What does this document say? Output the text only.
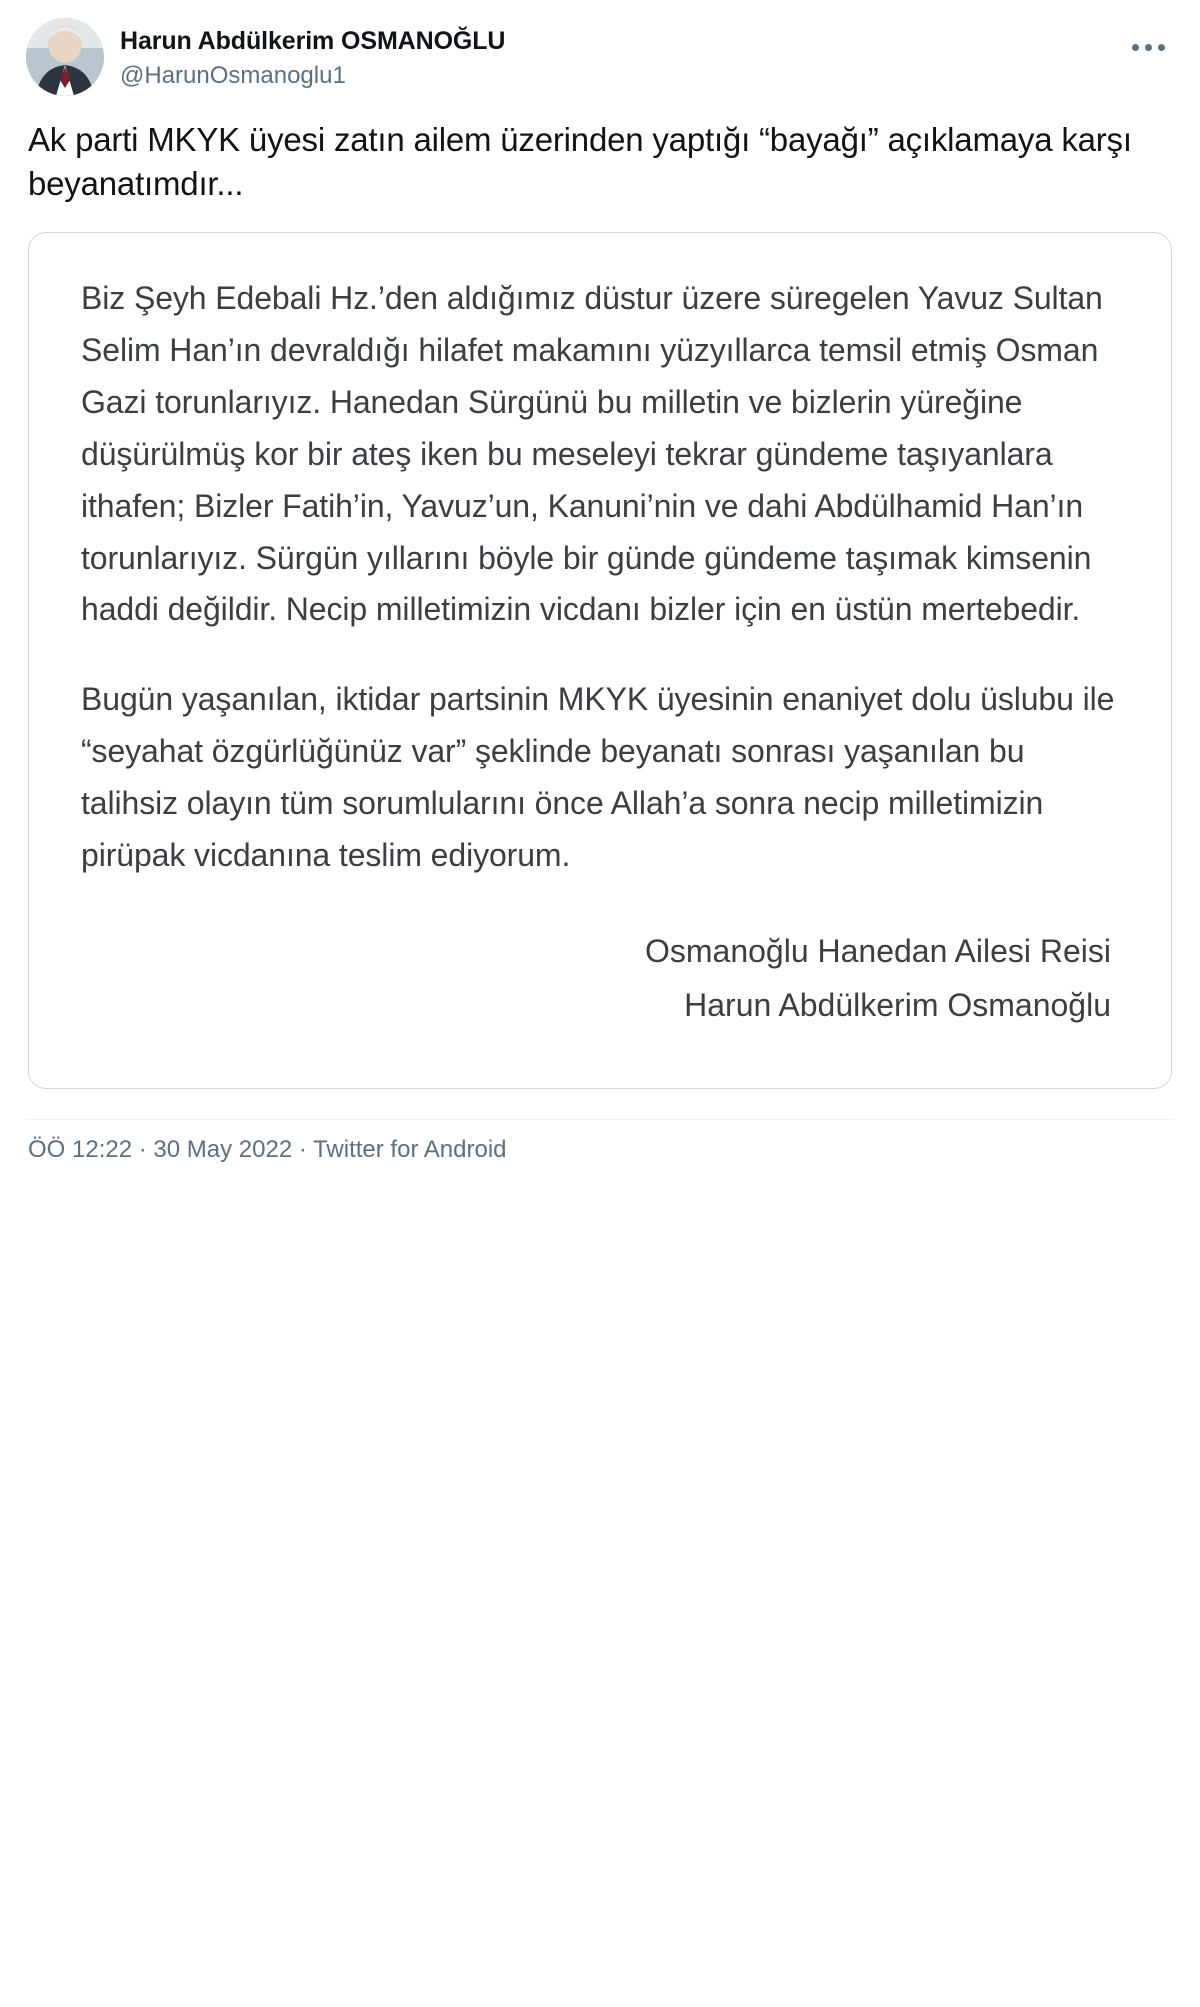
Harun Abdülkerim OSMANOĞLU
@HarunOsmanoglu1
Ak parti MKYK üyesi zatın ailem üzerinden yaptığı “bayağı” açıklamaya karşı beyanatımdır...

Biz Şeyh Edebali Hz.’den aldığımız düstur üzere süregelen Yavuz Sultan Selim Han’ın devraldığı hilafet makamını yüzyıllarca temsil etmiş Osman Gazi torunlarıyız. Hanedan Sürgünü bu milletin ve bizlerin yüreğine düşürülmüş kor bir ateş iken bu meseleyi tekrar gündeme taşıyanlara ithafen; Bizler Fatih’in, Yavuz’un, Kanuni’nin ve dahi Abdülhamid Han’ın torunlarıyız. Sürgün yıllarını böyle bir günde gündeme taşımak kimsenin haddi değildir. Necip milletimizin vicdanı bizler için en üstün mertebedir.

Bugün yaşanılan, iktidar partsinin MKYK üyesinin enaniyet dolu üslubu ile “seyahat özgürlüğünüz var” şeklinde beyanatı sonrası yaşanılan bu talihsiz olayın tüm sorumlularını önce Allah’a sonra necip milletimizin pirüpak vicdanına teslim ediyorum.

Osmanoğlu Hanedan Ailesi Reisi
Harun Abdülkerim Osmanoğlu
ÖÖ 12:22 · 30 May 2022 · Twitter for Android
